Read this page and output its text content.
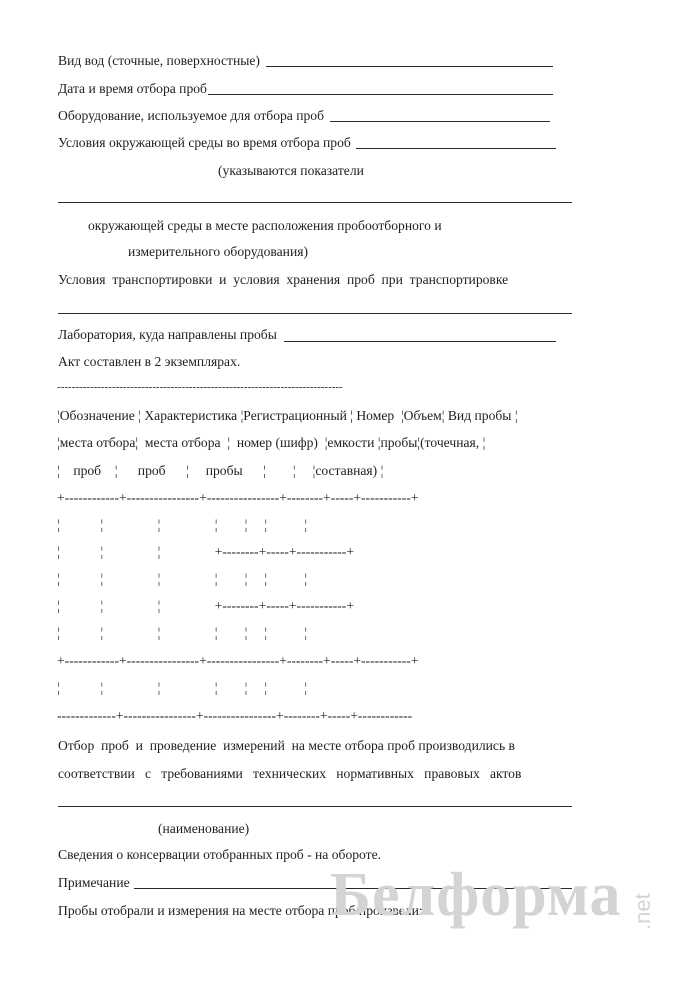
Вид вод (сточные, поверхностные)
Дата и время отбора проб
Оборудование, используемое для отбора проб
Условия окружающей среды во время отбора проб
(указываются показатели
окружающей среды в месте расположения пробоотборного и
измерительного оборудования)
Условия  транспортировки  и  условия  хранения  проб  при  транспортировке
Лаборатория, куда направлены пробы
Акт составлен в 2 экземплярах.
------------------------------------------------------------------------------
¦Обозначение ¦ Характеристика ¦Регистрационный ¦ Номер  ¦Объем¦ Вид пробы ¦
¦места отбора¦  места отбора  ¦  номер (шифр)  ¦емкости ¦пробы¦(точечная, ¦
¦    проб    ¦      проб      ¦     пробы      ¦        ¦     ¦составная) ¦
+------------+----------------+----------------+--------+-----+-----------+
¦            ¦                ¦                ¦        ¦     ¦           ¦
¦            ¦                ¦                +--------+-----+-----------+
¦            ¦                ¦                ¦        ¦     ¦           ¦
¦            ¦                ¦                +--------+-----+-----------+
¦            ¦                ¦                ¦        ¦     ¦           ¦
+------------+----------------+----------------+--------+-----+-----------+
¦            ¦                ¦                ¦        ¦     ¦           ¦
-------------+----------------+----------------+--------+-----+------------
Отбор  проб  и  проведение  измерений  на месте отбора проб производились в
соответствии   с   требованиями   технических   нормативных   правовых   актов
(наименование)
Сведения о консервации отобранных проб - на обороте.
Примечание
Пробы отобрали и измерения на месте отбора проб произвели:
Белформа .net
